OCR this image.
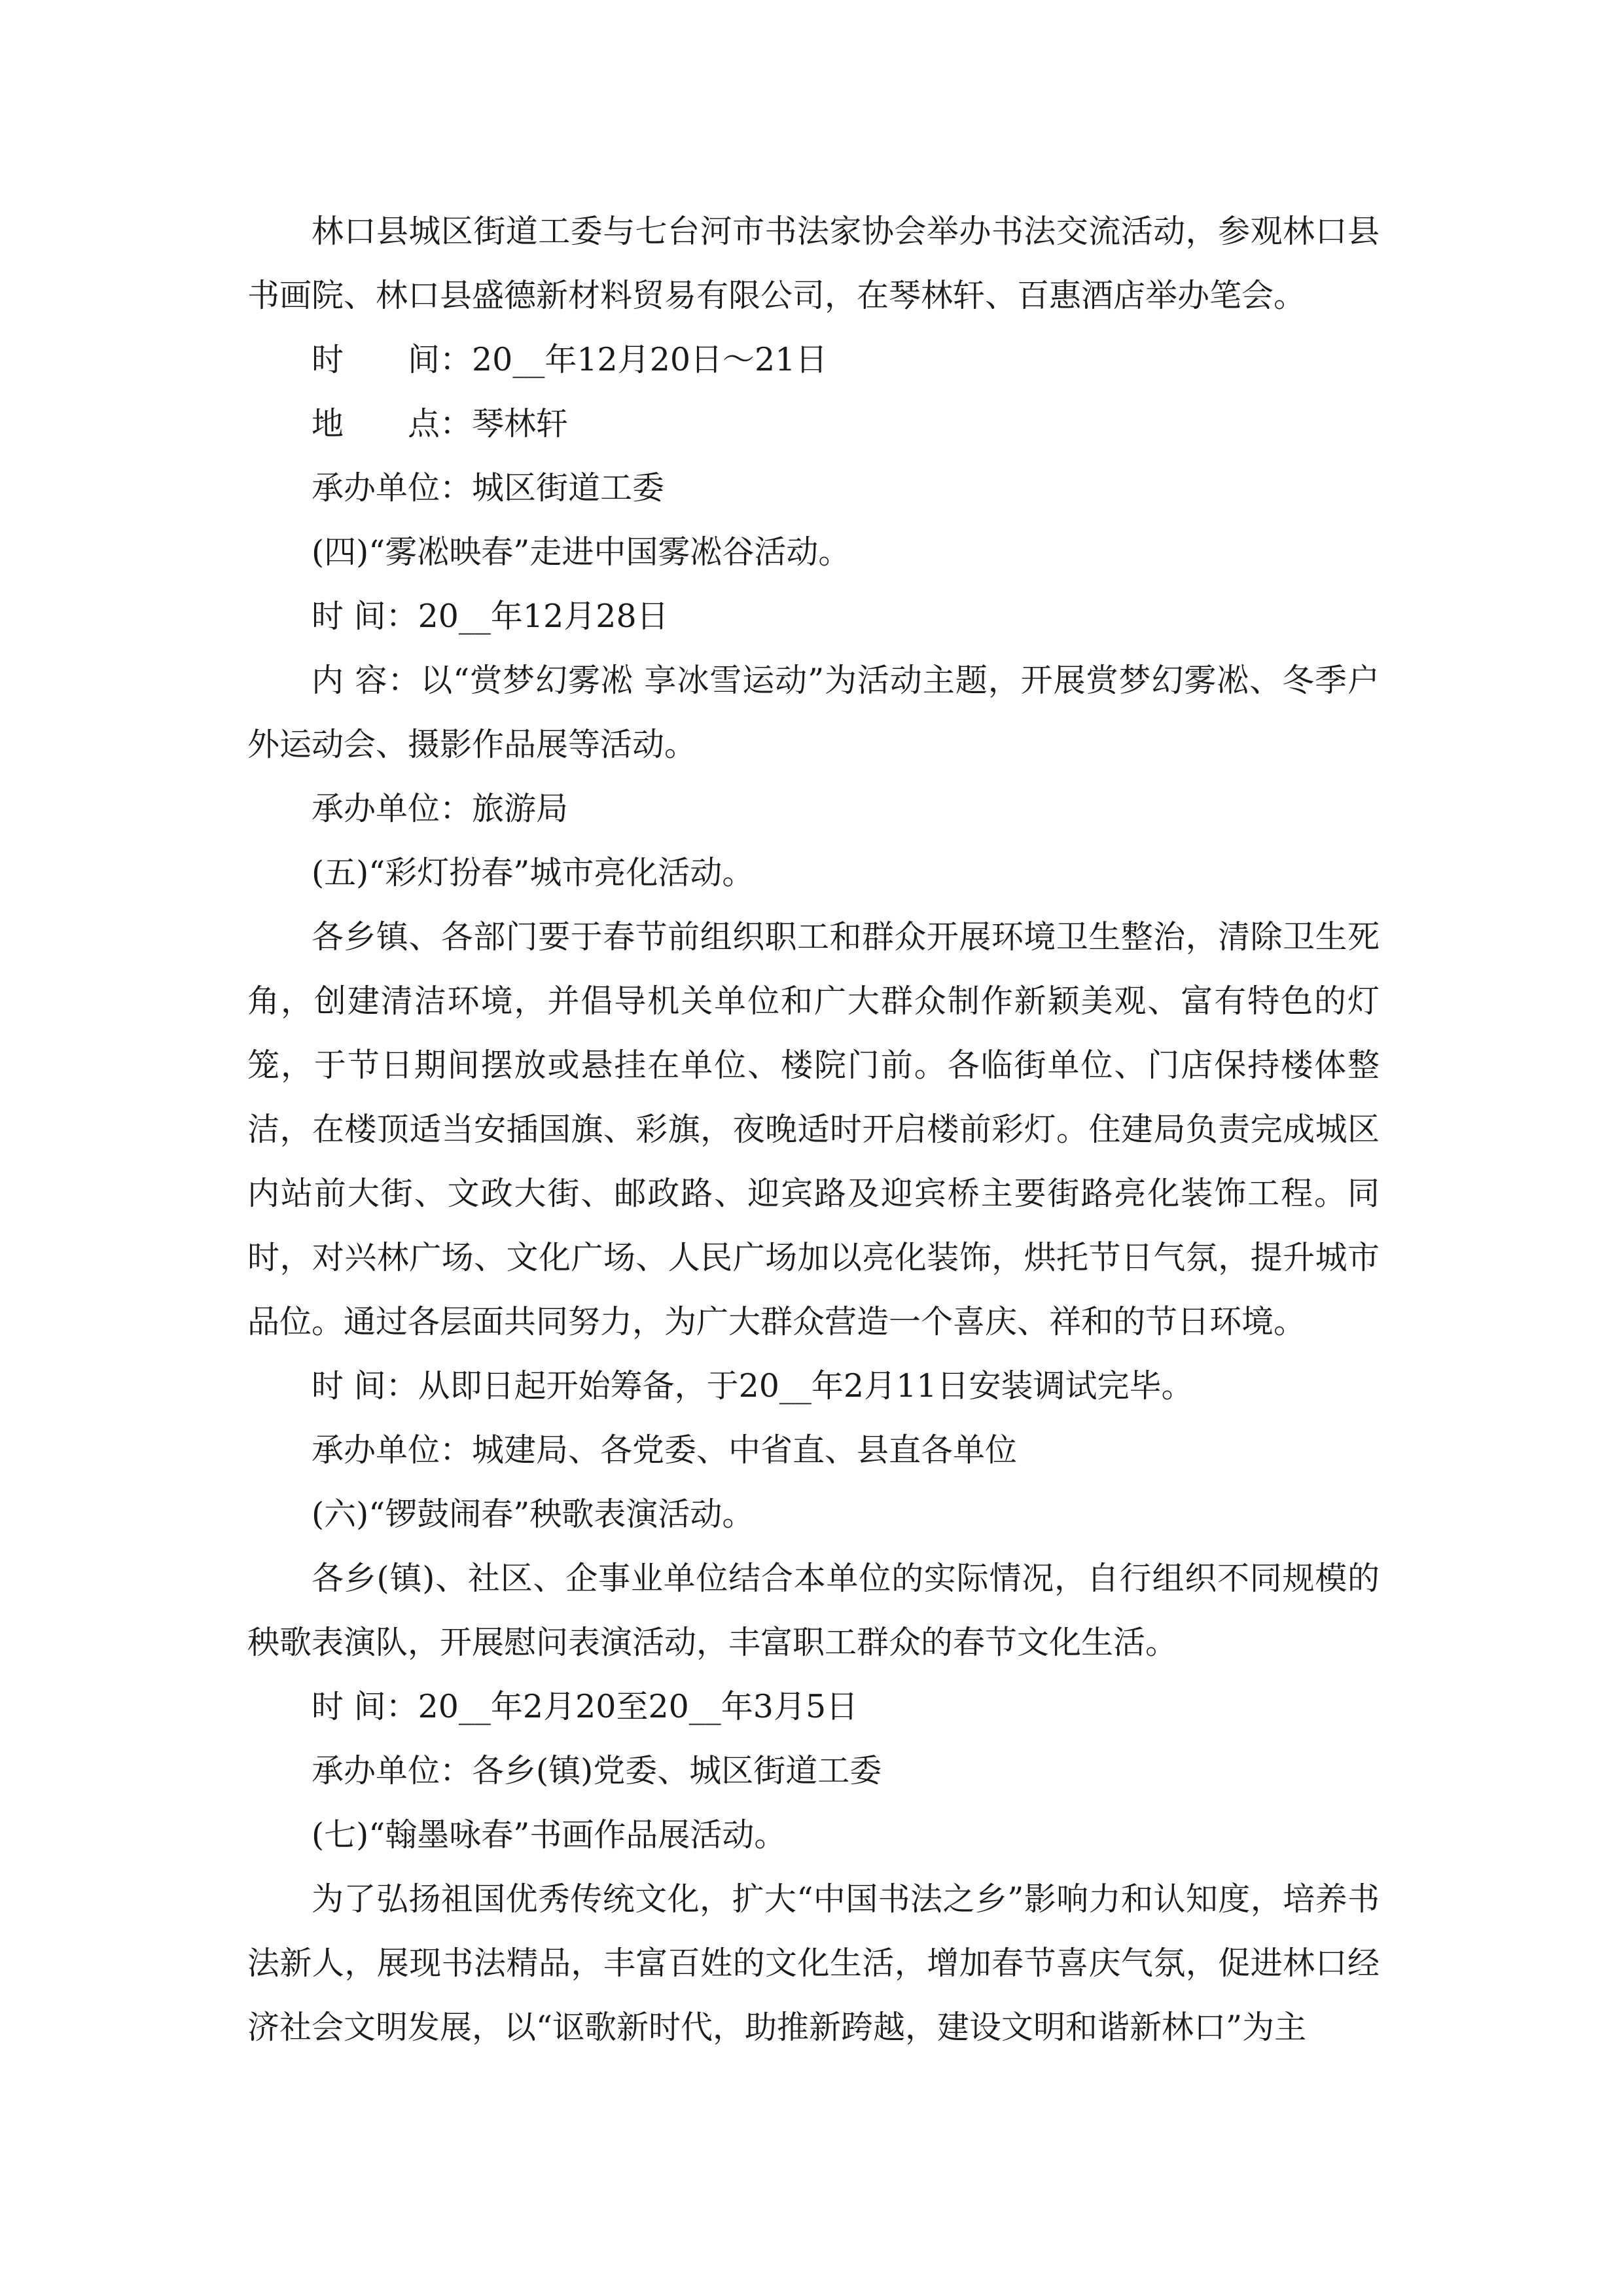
林口县城区街道工委与七台河市书法家协会举办书法交流活动，参观林口县书画院、林口县盛德新材料贸易有限公司，在琴林轩、百惠酒店举办笔会。

时　　间：20__年12月20日～21日

地　　点：琴林轩

承办单位：城区街道工委

(四)“雾凇映春”走进中国雾凇谷活动。

时 间：20__年12月28日

内 容：以“赏梦幻雾凇 享冰雪运动”为活动主题，开展赏梦幻雾凇、冬季户外运动会、摄影作品展等活动。

承办单位：旅游局

(五)“彩灯扮春”城市亮化活动。

各乡镇、各部门要于春节前组织职工和群众开展环境卫生整治，清除卫生死角，创建清洁环境，并倡导机关单位和广大群众制作新颖美观、富有特色的灯笼，于节日期间摆放或悬挂在单位、楼院门前。各临街单位、门店保持楼体整洁，在楼顶适当安插国旗、彩旗，夜晚适时开启楼前彩灯。住建局负责完成城区内站前大街、文政大街、邮政路、迎宾路及迎宾桥主要街路亮化装饰工程。同时，对兴林广场、文化广场、人民广场加以亮化装饰，烘托节日气氛，提升城市品位。通过各层面共同努力，为广大群众营造一个喜庆、祥和的节日环境。

时 间：从即日起开始筹备，于20__年2月11日安装调试完毕。

承办单位：城建局、各党委、中省直、县直各单位

(六)“锣鼓闹春”秧歌表演活动。

各乡(镇)、社区、企事业单位结合本单位的实际情况，自行组织不同规模的秧歌表演队，开展慰问表演活动，丰富职工群众的春节文化生活。

时 间：20__年2月20至20__年3月5日

承办单位：各乡(镇)党委、城区街道工委

(七)“翰墨咏春”书画作品展活动。

为了弘扬祖国优秀传统文化，扩大“中国书法之乡”影响力和认知度，培养书法新人，展现书法精品，丰富百姓的文化生活，增加春节喜庆气氛，促进林口经济社会文明发展，以“讴歌新时代，助推新跨越，建设文明和谐新林口”为主
